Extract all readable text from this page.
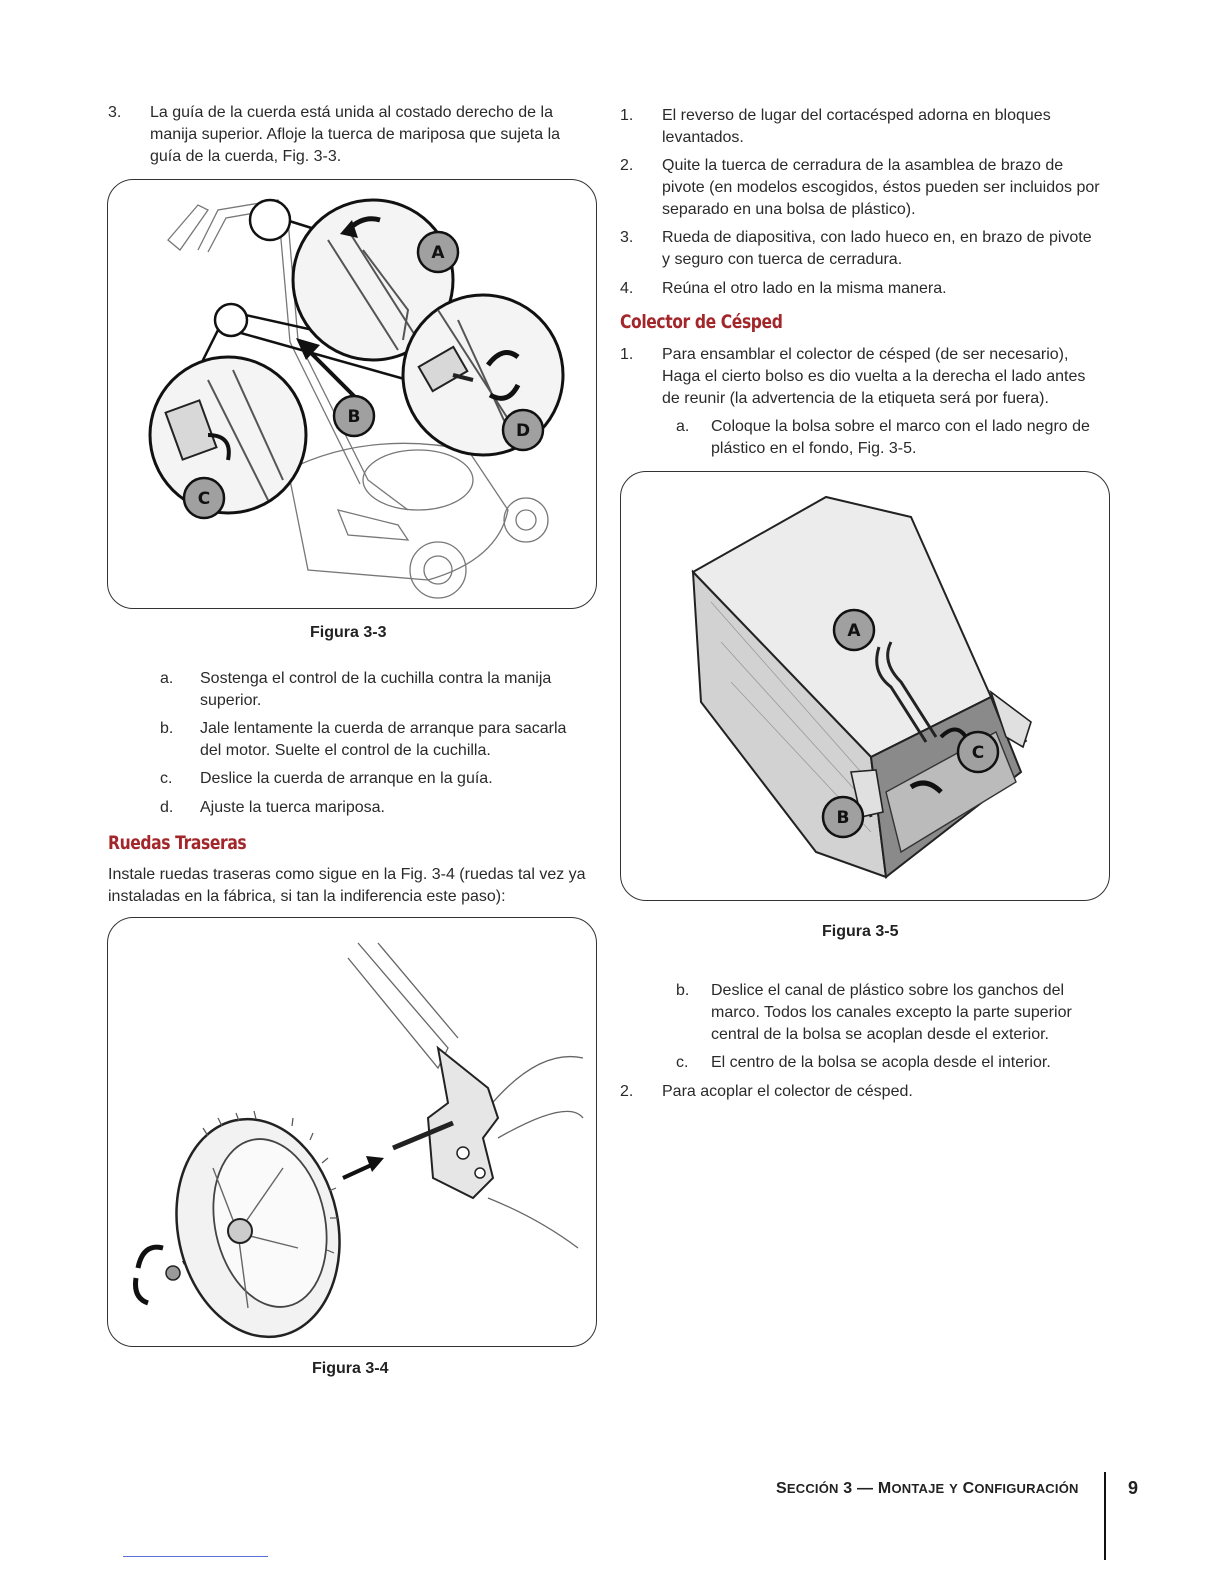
3. La guía de la cuerda está unida al costado derecho de la manija superior. Afloje la tuerca de mariposa que sujeta la guía de la cuerda, Fig. 3-3.
A
B
C
D
Figura 3-3
a. Sostenga el control de la cuchilla contra la manija superior.
b. Jale lentamente la cuerda de arranque para sacarla del motor. Suelte el control de la cuchilla.
c. Deslice la cuerda de arranque en la guía.
d. Ajuste la tuerca mariposa.
Ruedas Traseras
Instale ruedas traseras como sigue en la Fig. 3-4 (ruedas tal vez ya instaladas en la fábrica, si tan la indiferencia este paso):
Figura 3-4
1. El reverso de lugar del cortacésped adorna en bloques levantados.
2. Quite la tuerca de cerradura de la asamblea de brazo de pivote (en modelos escogidos, éstos pueden ser incluidos por separado en una bolsa de plástico).
3. Rueda de diapositiva, con lado hueco en, en brazo de pivote y seguro con tuerca de cerradura.
4. Reúna el otro lado en la misma manera.
Colector de Césped
1. Para ensamblar el colector de césped (de ser necesario), Haga el cierto bolso es dio vuelta a la derecha el lado antes de reunir (la advertencia de la etiqueta será por fuera).
a. Coloque la bolsa sobre el marco con el lado negro de plástico en el fondo, Fig. 3-5.
A
B
C
Figura 3-5
b. Deslice el canal de plástico sobre los ganchos del marco. Todos los canales excepto la parte superior central de la bolsa se acoplan desde el exterior.
c. El centro de la bolsa se acopla desde el interior.
2. Para acoplar el colector de césped.
SECCIÓN 3 — MONTAJE Y CONFIGURACIÓN	9
